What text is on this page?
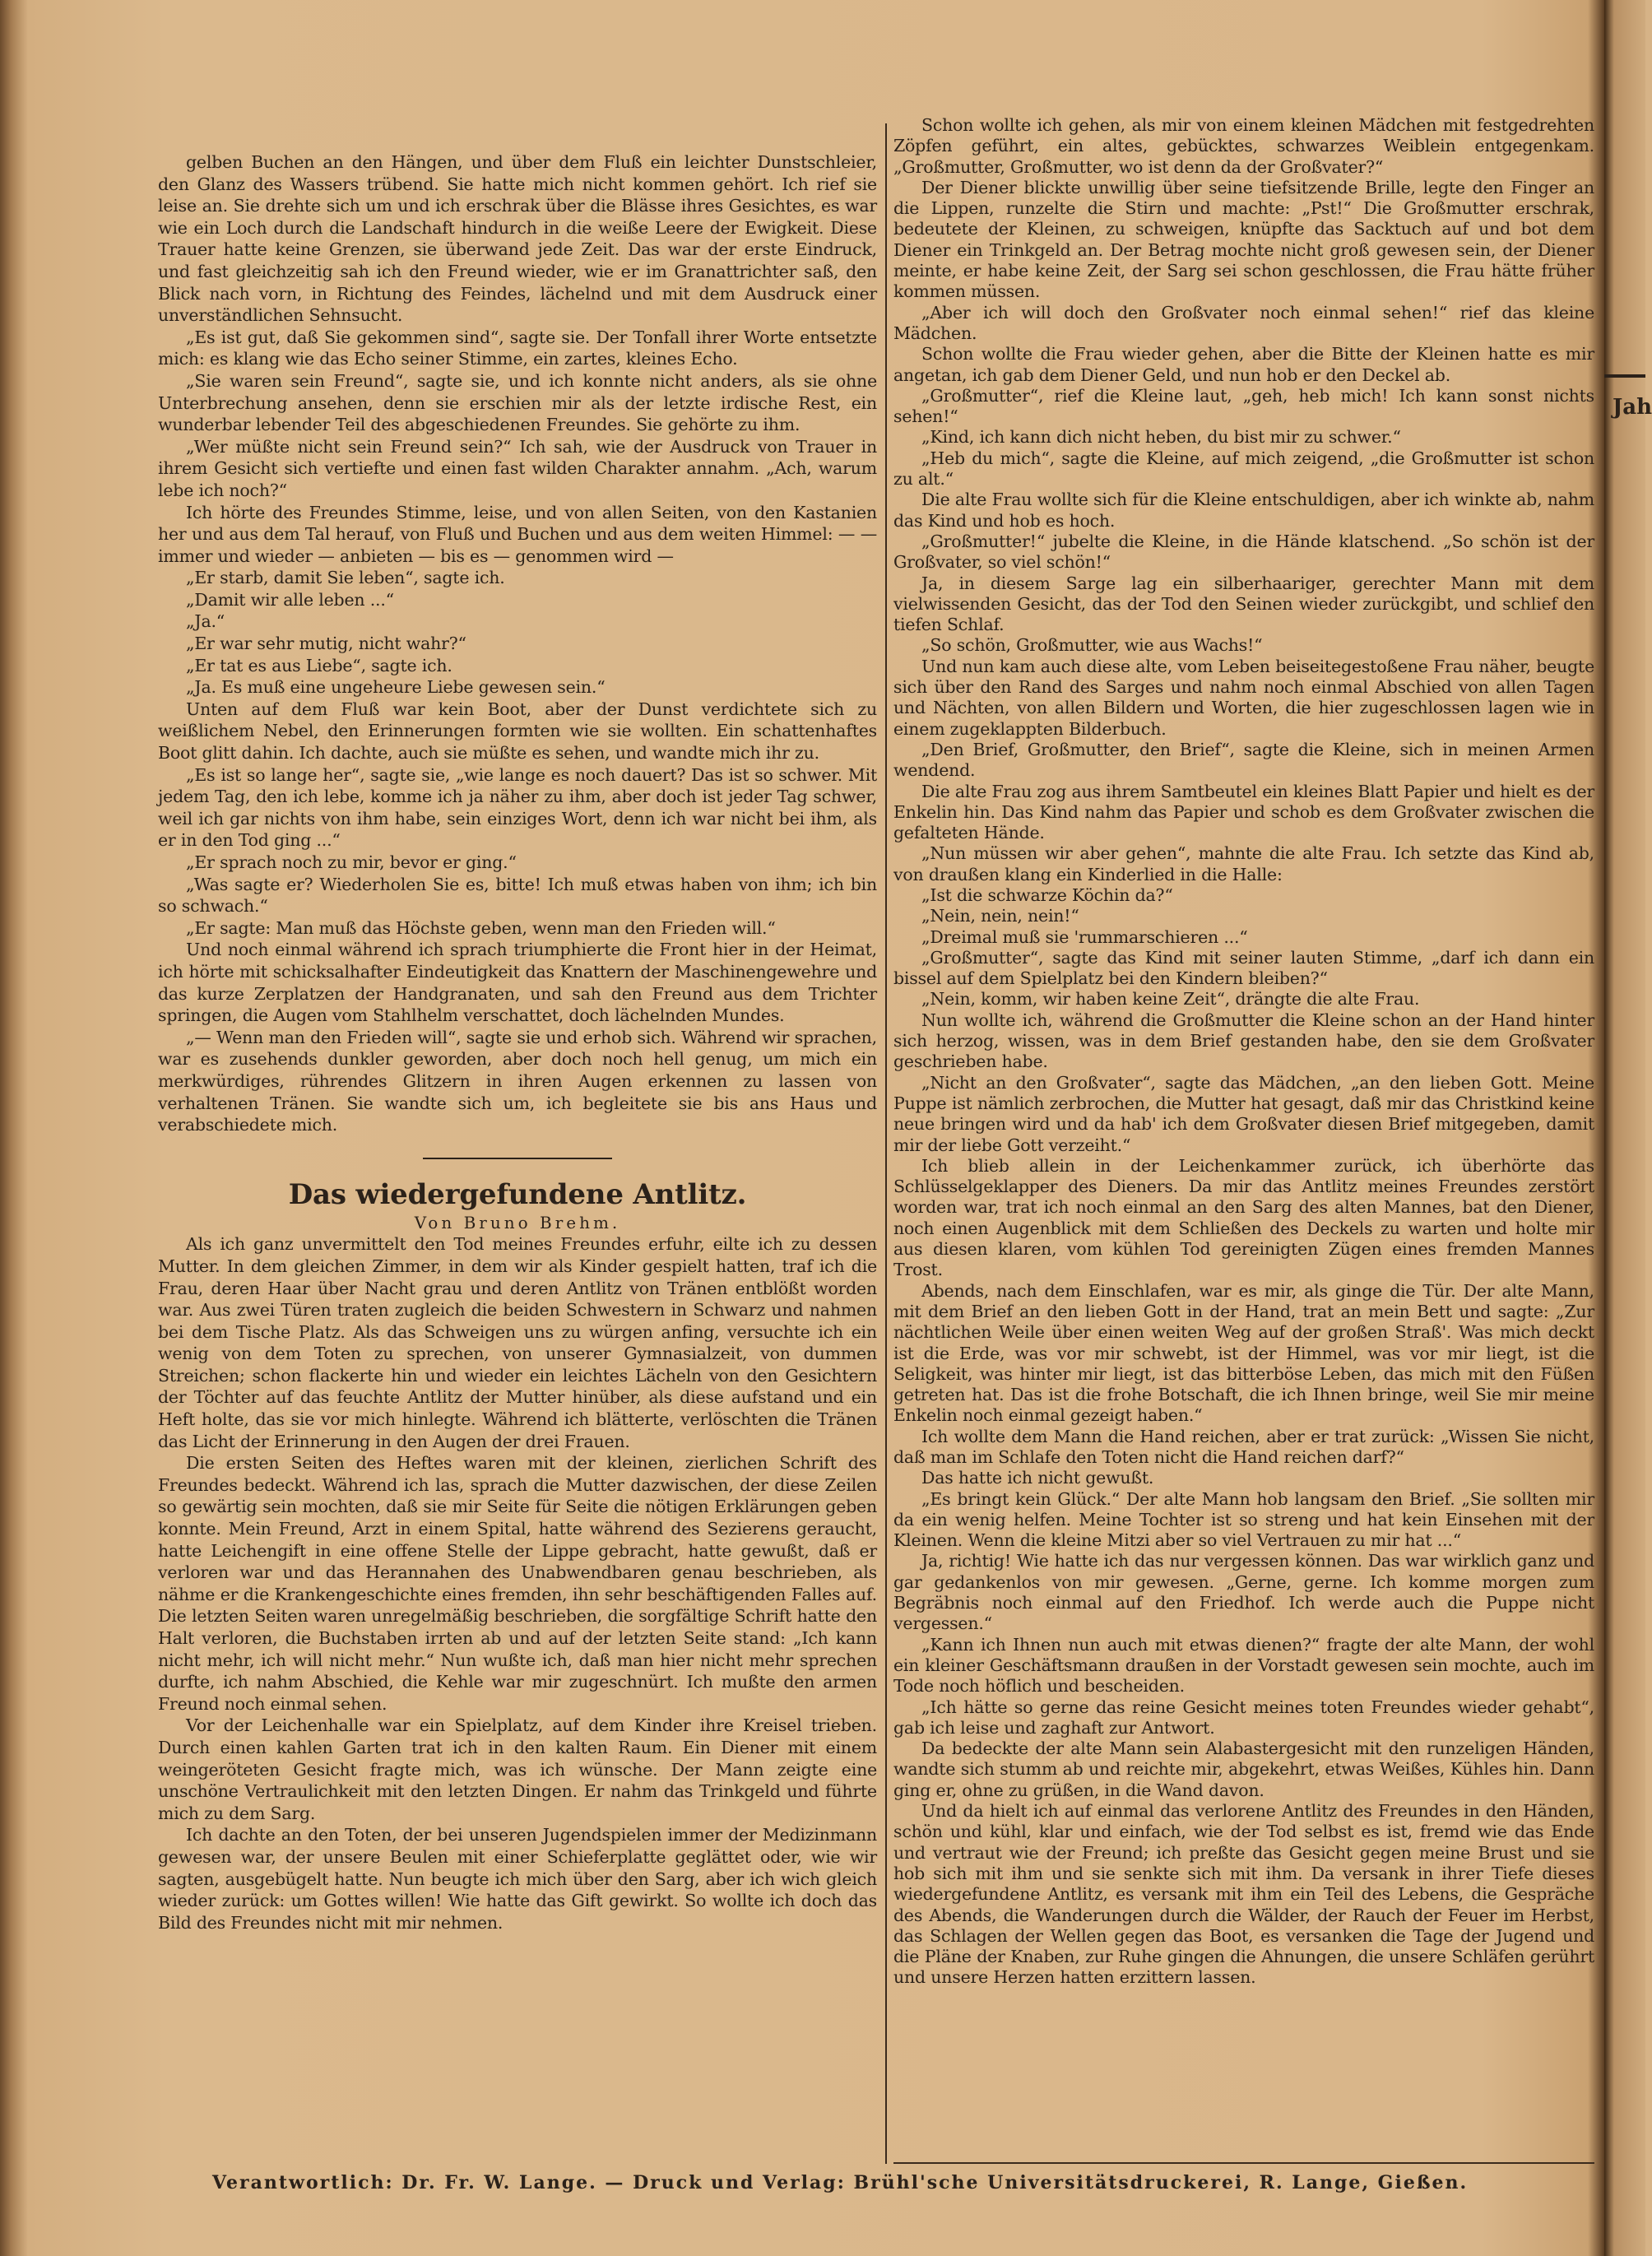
gelben Buchen an den Hängen, und über dem Fluß ein leichter Dunstschleier, den Glanz des Wassers trübend. Sie hatte mich nicht kommen gehört. Ich rief sie leise an. Sie drehte sich um und ich erschrak über die Blässe ihres Gesichtes, es war wie ein Loch durch die Landschaft hindurch in die weiße Leere der Ewigkeit. Diese Trauer hatte keine Grenzen, sie überwand jede Zeit. Das war der erste Eindruck, und fast gleichzeitig sah ich den Freund wieder, wie er im Granattrichter saß, den Blick nach vorn, in Richtung des Feindes, lächelnd und mit dem Ausdruck einer unverständlichen Sehnsucht.

„Es ist gut, daß Sie gekommen sind“, sagte sie. Der Tonfall ihrer Worte entsetzte mich: es klang wie das Echo seiner Stimme, ein zartes, kleines Echo.

„Sie waren sein Freund“, sagte sie, und ich konnte nicht anders, als sie ohne Unterbrechung ansehen, denn sie erschien mir als der letzte irdische Rest, ein wunderbar lebender Teil des abgeschiedenen Freundes. Sie gehörte zu ihm.

„Wer müßte nicht sein Freund sein?“ Ich sah, wie der Ausdruck von Trauer in ihrem Gesicht sich vertiefte und einen fast wilden Charakter annahm. „Ach, warum lebe ich noch?“

Ich hörte des Freundes Stimme, leise, und von allen Seiten, von den Kastanien her und aus dem Tal herauf, von Fluß und Buchen und aus dem weiten Himmel: — — immer und wieder — anbieten — bis es — genommen wird —

„Er starb, damit Sie leben“, sagte ich.

„Damit wir alle leben ...“

„Ja.“

„Er war sehr mutig, nicht wahr?“

„Er tat es aus Liebe“, sagte ich.

„Ja. Es muß eine ungeheure Liebe gewesen sein.“

Unten auf dem Fluß war kein Boot, aber der Dunst verdichtete sich zu weißlichem Nebel, den Erinnerungen formten wie sie wollten. Ein schattenhaftes Boot glitt dahin. Ich dachte, auch sie müßte es sehen, und wandte mich ihr zu.

„Es ist so lange her“, sagte sie, „wie lange es noch dauert? Das ist so schwer. Mit jedem Tag, den ich lebe, komme ich ja näher zu ihm, aber doch ist jeder Tag schwer, weil ich gar nichts von ihm habe, sein einziges Wort, denn ich war nicht bei ihm, als er in den Tod ging ...“

„Er sprach noch zu mir, bevor er ging.“

„Was sagte er? Wiederholen Sie es, bitte! Ich muß etwas haben von ihm; ich bin so schwach.“

„Er sagte: Man muß das Höchste geben, wenn man den Frieden will.“

Und noch einmal während ich sprach triumphierte die Front hier in der Heimat, ich hörte mit schicksalhafter Eindeutigkeit das Knattern der Maschinengewehre und das kurze Zerplatzen der Handgranaten, und sah den Freund aus dem Trichter springen, die Augen vom Stahlhelm verschattet, doch lächelnden Mundes.

„— Wenn man den Frieden will“, sagte sie und erhob sich. Während wir sprachen, war es zusehends dunkler geworden, aber doch noch hell genug, um mich ein merkwürdiges, rührendes Glitzern in ihren Augen erkennen zu lassen von verhaltenen Tränen. Sie wandte sich um, ich begleitete sie bis ans Haus und verabschiedete mich.

Das wiedergefundene Antlitz.

Von Bruno Brehm.

Als ich ganz unvermittelt den Tod meines Freundes erfuhr, eilte ich zu dessen Mutter. In dem gleichen Zimmer, in dem wir als Kinder gespielt hatten, traf ich die Frau, deren Haar über Nacht grau und deren Antlitz von Tränen entblößt worden war. Aus zwei Türen traten zugleich die beiden Schwestern in Schwarz und nahmen bei dem Tische Platz. Als das Schweigen uns zu würgen anfing, versuchte ich ein wenig von dem Toten zu sprechen, von unserer Gymnasialzeit, von dummen Streichen; schon flackerte hin und wieder ein leichtes Lächeln von den Gesichtern der Töchter auf das feuchte Antlitz der Mutter hinüber, als diese aufstand und ein Heft holte, das sie vor mich hinlegte. Während ich blätterte, verlöschten die Tränen das Licht der Erinnerung in den Augen der drei Frauen.

Die ersten Seiten des Heftes waren mit der kleinen, zierlichen Schrift des Freundes bedeckt. Während ich las, sprach die Mutter dazwischen, der diese Zeilen so gewärtig sein mochten, daß sie mir Seite für Seite die nötigen Erklärungen geben konnte. Mein Freund, Arzt in einem Spital, hatte während des Sezierens geraucht, hatte Leichengift in eine offene Stelle der Lippe gebracht, hatte gewußt, daß er verloren war und das Herannahen des Unabwendbaren genau beschrieben, als nähme er die Krankengeschichte eines fremden, ihn sehr beschäftigenden Falles auf. Die letzten Seiten waren unregelmäßig beschrieben, die sorgfältige Schrift hatte den Halt verloren, die Buchstaben irrten ab und auf der letzten Seite stand: „Ich kann nicht mehr, ich will nicht mehr.“ Nun wußte ich, daß man hier nicht mehr sprechen durfte, ich nahm Abschied, die Kehle war mir zugeschnürt. Ich mußte den armen Freund noch einmal sehen.

Vor der Leichenhalle war ein Spielplatz, auf dem Kinder ihre Kreisel trieben. Durch einen kahlen Garten trat ich in den kalten Raum. Ein Diener mit einem weingeröteten Gesicht fragte mich, was ich wünsche. Der Mann zeigte eine unschöne Vertraulichkeit mit den letzten Dingen. Er nahm das Trinkgeld und führte mich zu dem Sarg.

Ich dachte an den Toten, der bei unseren Jugendspielen immer der Medizinmann gewesen war, der unsere Beulen mit einer Schieferplatte geglättet oder, wie wir sagten, ausgebügelt hatte. Nun beugte ich mich über den Sarg, aber ich wich gleich wieder zurück: um Gottes willen! Wie hatte das Gift gewirkt. So wollte ich doch das Bild des Freundes nicht mit mir nehmen.

Schon wollte ich gehen, als mir von einem kleinen Mädchen mit festgedrehten Zöpfen geführt, ein altes, gebücktes, schwarzes Weiblein entgegenkam. „Großmutter, Großmutter, wo ist denn da der Großvater?“

Der Diener blickte unwillig über seine tiefsitzende Brille, legte den Finger an die Lippen, runzelte die Stirn und machte: „Pst!“ Die Großmutter erschrak, bedeutete der Kleinen, zu schweigen, knüpfte das Sacktuch auf und bot dem Diener ein Trinkgeld an. Der Betrag mochte nicht groß gewesen sein, der Diener meinte, er habe keine Zeit, der Sarg sei schon geschlossen, die Frau hätte früher kommen müssen.

„Aber ich will doch den Großvater noch einmal sehen!“ rief das kleine Mädchen.

Schon wollte die Frau wieder gehen, aber die Bitte der Kleinen hatte es mir angetan, ich gab dem Diener Geld, und nun hob er den Deckel ab.

„Großmutter“, rief die Kleine laut, „geh, heb mich! Ich kann sonst nichts sehen!“

„Kind, ich kann dich nicht heben, du bist mir zu schwer.“

„Heb du mich“, sagte die Kleine, auf mich zeigend, „die Großmutter ist schon zu alt.“

Die alte Frau wollte sich für die Kleine entschuldigen, aber ich winkte ab, nahm das Kind und hob es hoch.

„Großmutter!“ jubelte die Kleine, in die Hände klatschend. „So schön ist der Großvater, so viel schön!“

Ja, in diesem Sarge lag ein silberhaariger, gerechter Mann mit dem vielwissenden Gesicht, das der Tod den Seinen wieder zurückgibt, und schlief den tiefen Schlaf.

„So schön, Großmutter, wie aus Wachs!“

Und nun kam auch diese alte, vom Leben beiseitegestoßene Frau näher, beugte sich über den Rand des Sarges und nahm noch einmal Abschied von allen Tagen und Nächten, von allen Bildern und Worten, die hier zugeschlossen lagen wie in einem zugeklappten Bilderbuch.

„Den Brief, Großmutter, den Brief“, sagte die Kleine, sich in meinen Armen wendend.

Die alte Frau zog aus ihrem Samtbeutel ein kleines Blatt Papier und hielt es der Enkelin hin. Das Kind nahm das Papier und schob es dem Großvater zwischen die gefalteten Hände.

„Nun müssen wir aber gehen“, mahnte die alte Frau. Ich setzte das Kind ab, von draußen klang ein Kinderlied in die Halle:

„Ist die schwarze Köchin da?“

„Nein, nein, nein!“

„Dreimal muß sie 'rummarschieren ...“

„Großmutter“, sagte das Kind mit seiner lauten Stimme, „darf ich dann ein bissel auf dem Spielplatz bei den Kindern bleiben?“

„Nein, komm, wir haben keine Zeit“, drängte die alte Frau.

Nun wollte ich, während die Großmutter die Kleine schon an der Hand hinter sich herzog, wissen, was in dem Brief gestanden habe, den sie dem Großvater geschrieben habe.

„Nicht an den Großvater“, sagte das Mädchen, „an den lieben Gott. Meine Puppe ist nämlich zerbrochen, die Mutter hat gesagt, daß mir das Christkind keine neue bringen wird und da hab' ich dem Großvater diesen Brief mitgegeben, damit mir der liebe Gott verzeiht.“

Ich blieb allein in der Leichenkammer zurück, ich überhörte das Schlüsselgeklapper des Dieners. Da mir das Antlitz meines Freundes zerstört worden war, trat ich noch einmal an den Sarg des alten Mannes, bat den Diener, noch einen Augenblick mit dem Schließen des Deckels zu warten und holte mir aus diesen klaren, vom kühlen Tod gereinigten Zügen eines fremden Mannes Trost.

Abends, nach dem Einschlafen, war es mir, als ginge die Tür. Der alte Mann, mit dem Brief an den lieben Gott in der Hand, trat an mein Bett und sagte: „Zur nächtlichen Weile über einen weiten Weg auf der großen Straß'. Was mich deckt ist die Erde, was vor mir schwebt, ist der Himmel, was vor mir liegt, ist die Seligkeit, was hinter mir liegt, ist das bitterböse Leben, das mich mit den Füßen getreten hat. Das ist die frohe Botschaft, die ich Ihnen bringe, weil Sie mir meine Enkelin noch einmal gezeigt haben.“

Ich wollte dem Mann die Hand reichen, aber er trat zurück: „Wissen Sie nicht, daß man im Schlafe den Toten nicht die Hand reichen darf?“

Das hatte ich nicht gewußt.

„Es bringt kein Glück.“ Der alte Mann hob langsam den Brief. „Sie sollten mir da ein wenig helfen. Meine Tochter ist so streng und hat kein Einsehen mit der Kleinen. Wenn die kleine Mitzi aber so viel Vertrauen zu mir hat ...“

Ja, richtig! Wie hatte ich das nur vergessen können. Das war wirklich ganz und gar gedankenlos von mir gewesen. „Gerne, gerne. Ich komme morgen zum Begräbnis noch einmal auf den Friedhof. Ich werde auch die Puppe nicht vergessen.“

„Kann ich Ihnen nun auch mit etwas dienen?“ fragte der alte Mann, der wohl ein kleiner Geschäftsmann draußen in der Vorstadt gewesen sein mochte, auch im Tode noch höflich und bescheiden.

„Ich hätte so gerne das reine Gesicht meines toten Freundes wieder gehabt“, gab ich leise und zaghaft zur Antwort.

Da bedeckte der alte Mann sein Alabastergesicht mit den runzeligen Händen, wandte sich stumm ab und reichte mir, abgekehrt, etwas Weißes, Kühles hin. Dann ging er, ohne zu grüßen, in die Wand davon.

Und da hielt ich auf einmal das verlorene Antlitz des Freundes in den Händen, schön und kühl, klar und einfach, wie der Tod selbst es ist, fremd wie das Ende und vertraut wie der Freund; ich preßte das Gesicht gegen meine Brust und sie hob sich mit ihm und sie senkte sich mit ihm. Da versank in ihrer Tiefe dieses wiedergefundene Antlitz, es versank mit ihm ein Teil des Lebens, die Gespräche des Abends, die Wanderungen durch die Wälder, der Rauch der Feuer im Herbst, das Schlagen der Wellen gegen das Boot, es versanken die Tage der Jugend und die Pläne der Knaben, zur Ruhe gingen die Ahnungen, die unsere Schläfen gerührt und unsere Herzen hatten erzittern lassen.

Verantwortlich: Dr. Fr. W. Lange. — Druck und Verlag: Brühl'sche Universitätsdruckerei, R. Lange, Gießen.
Jah
